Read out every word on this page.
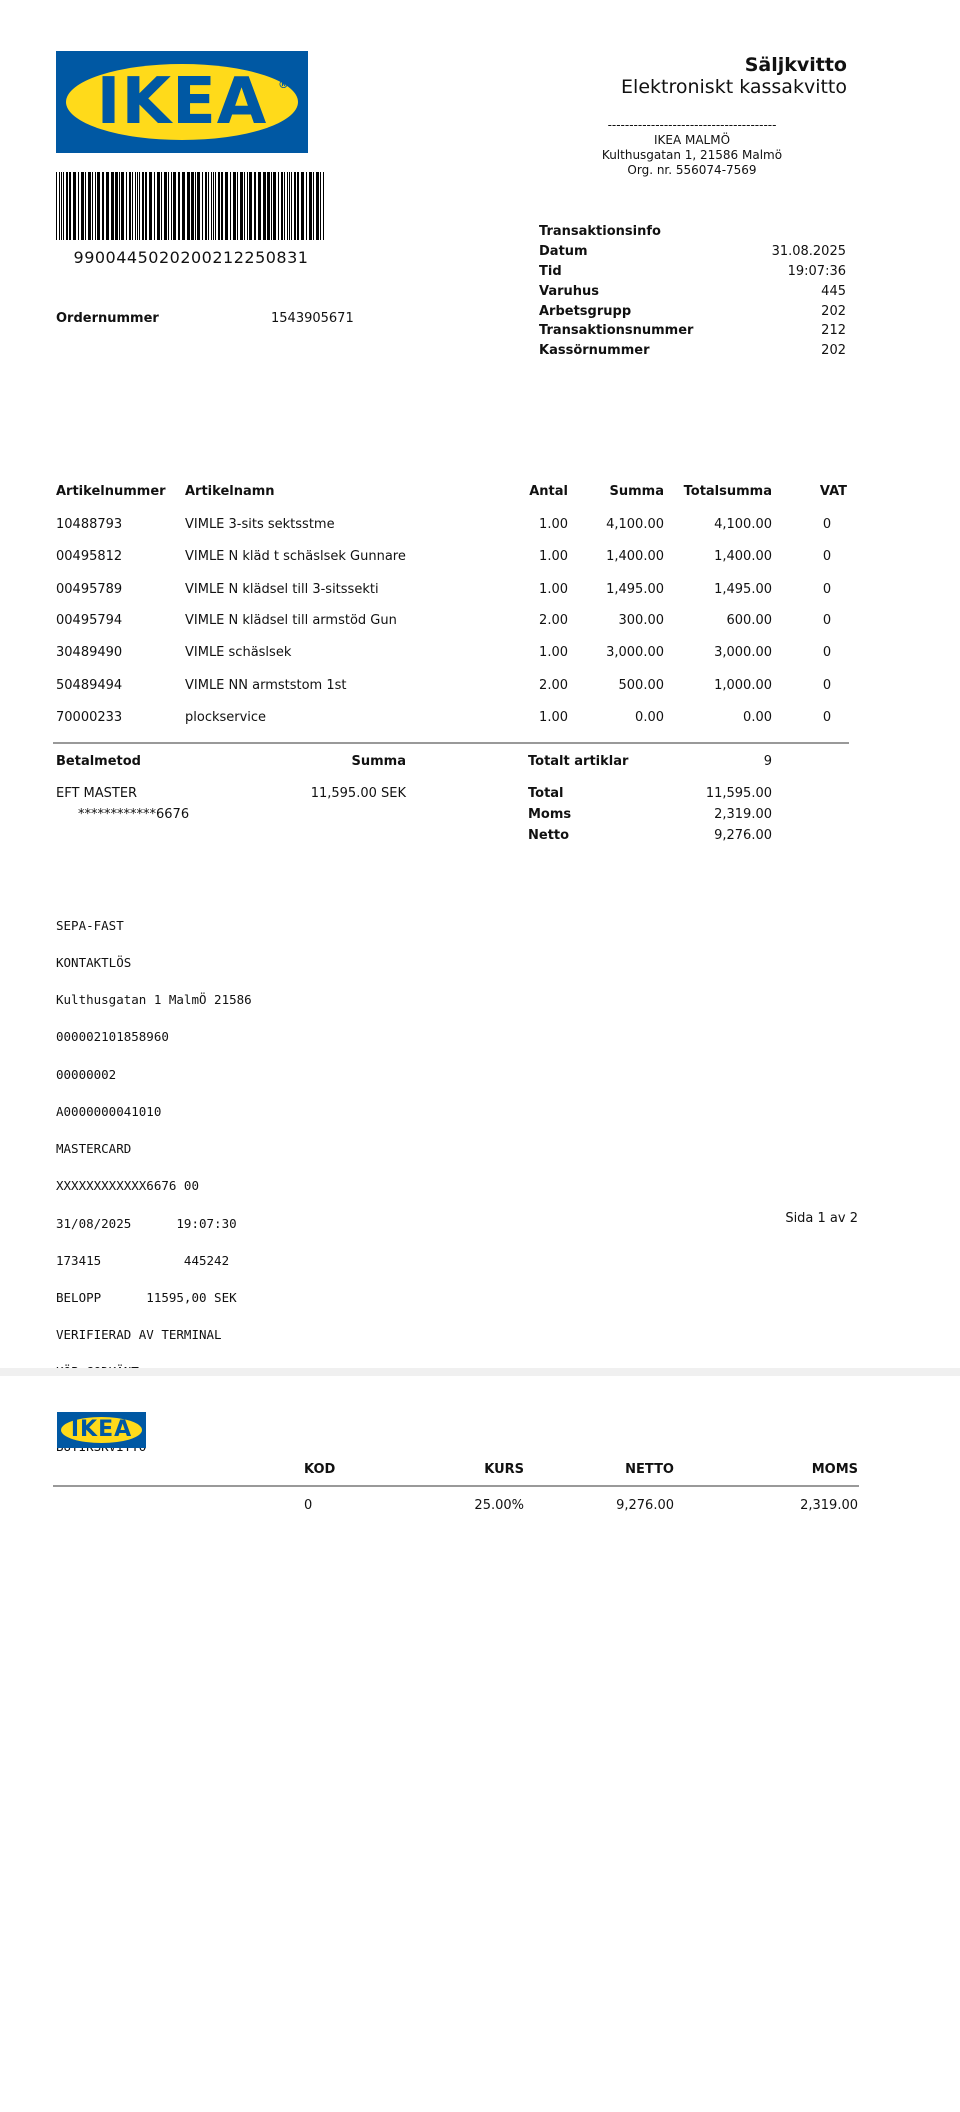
IKEA ®
9900445020200212250831
Säljkvitto
Elektroniskt kassakvitto
---------------------------------------
IKEA MALMÖ
Kulthusgatan 1, 21586 Malmö
Org. nr. 556074-7569
Transaktionsinfo
Datum	31.08.2025
Tid	19:07:36
Varuhus	445
Arbetsgrupp	202
Transaktionsnummer	212
Kassörnummer	202
Ordernummer	1543905671
Artikelnummer Artikelnamn	Antal	Summa	Totalsumma	VAT
10488793	VIMLE 3-sits sektsstme	1.00	4,100.00	4,100.00	0
00495812	VIMLE N kläd t schäslsek Gunnare	1.00	1,400.00	1,400.00	0
00495789	VIMLE N klädsel till 3-sitssekti	1.00	1,495.00	1,495.00	0
00495794	VIMLE N klädsel till armstöd Gun	2.00	300.00	600.00	0
30489490	VIMLE schäslsek	1.00	3,000.00	3,000.00	0
50489494	VIMLE NN armststom 1st	2.00	500.00	1,000.00	0
70000233	plockservice	1.00	0.00	0.00	0
Betalmetod	Summa
EFT MASTER	11,595.00 SEK
************6676
Totalt artiklar	9
Total	11,595.00
Moms	2,319.00
Netto	9,276.00

SEPA-FAST

KONTAKTLÖS

Kulthusgatan 1 MalmÖ 21586

000002101858960

00000002

A0000000041010

MASTERCARD

XXXXXXXXXXXX6676 00

31/08/2025      19:07:30

173415           445242

BELOPP      11595,00 SEK

VERIFIERAD AV TERMINAL

Sida 1 av 2
IKEA
KOD	KURS	NETTO	MOMS
0	25.00%	9,276.00	2,319.00
